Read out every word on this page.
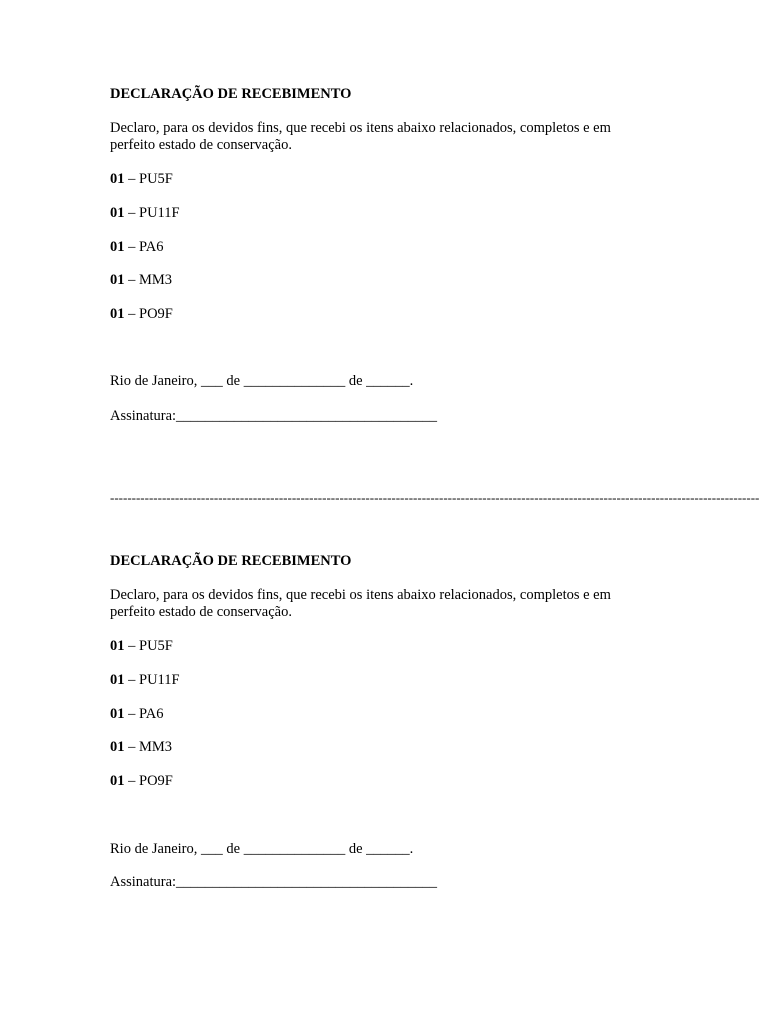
DECLARAÇÃO DE RECEBIMENTO
Declaro, para os devidos fins, que recebi os itens abaixo relacionados, completos e em
perfeito estado de conservação.
01 – PU5F
01 – PU11F
01 – PA6
01 – MM3
01 – PO9F
Rio de Janeiro, ___ de ______________ de ______.
Assinatura:____________________________________
------------------------------------------------------------------------------------------------------------------------------------------------------
DECLARAÇÃO DE RECEBIMENTO
Declaro, para os devidos fins, que recebi os itens abaixo relacionados, completos e em
perfeito estado de conservação.
01 – PU5F
01 – PU11F
01 – PA6
01 – MM3
01 – PO9F
Rio de Janeiro, ___ de ______________ de ______.
Assinatura:____________________________________
